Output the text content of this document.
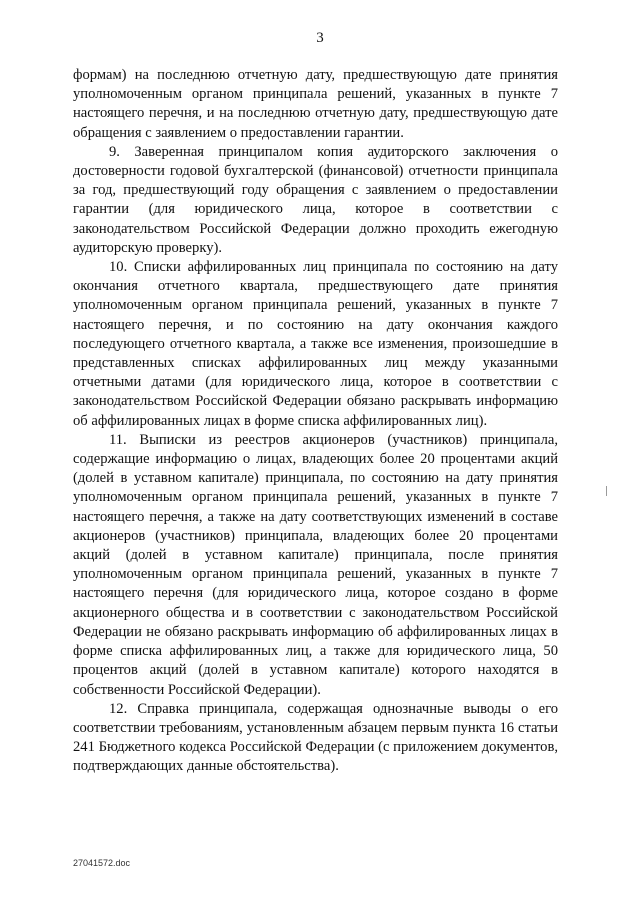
3

формам) на последнюю отчетную дату, предшествующую дате принятия уполномоченным органом принципала решений, указанных в пункте 7 настоящего перечня, и на последнюю отчетную дату, предшествующую дате обращения с заявлением о предоставлении гарантии.

9. Заверенная принципалом копия аудиторского заключения о достоверности годовой бухгалтерской (финансовой) отчетности принципала за год, предшествующий году обращения с заявлением о предоставлении гарантии (для юридического лица, которое в соответствии с законодательством Российской Федерации должно проходить ежегодную аудиторскую проверку).

10. Списки аффилированных лиц принципала по состоянию на дату окончания отчетного квартала, предшествующего дате принятия уполномоченным органом принципала решений, указанных в пункте 7 настоящего перечня, и по состоянию на дату окончания каждого последующего отчетного квартала, а также все изменения, произошедшие в представленных списках аффилированных лиц между указанными отчетными датами (для юридического лица, которое в соответствии с законодательством Российской Федерации обязано раскрывать информацию об аффилированных лицах в форме списка аффилированных лиц).

11. Выписки из реестров акционеров (участников) принципала, содержащие информацию о лицах, владеющих более 20 процентами акций (долей в уставном капитале) принципала, по состоянию на дату принятия уполномоченным органом принципала решений, указанных в пункте 7 настоящего перечня, а также на дату соответствующих изменений в составе акционеров (участников) принципала, владеющих более 20 процентами акций (долей в уставном капитале) принципала, после принятия уполномоченным органом принципала решений, указанных в пункте 7 настоящего перечня (для юридического лица, которое создано в форме акционерного общества и в соответствии с законодательством Российской Федерации не обязано раскрывать информацию об аффилированных лицах в форме списка аффилированных лиц, а также для юридического лица, 50 процентов акций (долей в уставном капитале) которого находятся в собственности Российской Федерации).

12. Справка принципала, содержащая однозначные выводы о его соответствии требованиям, установленным абзацем первым пункта 16 статьи 241 Бюджетного кодекса Российской Федерации (с приложением документов, подтверждающих данные обстоятельства).

27041572.doc
